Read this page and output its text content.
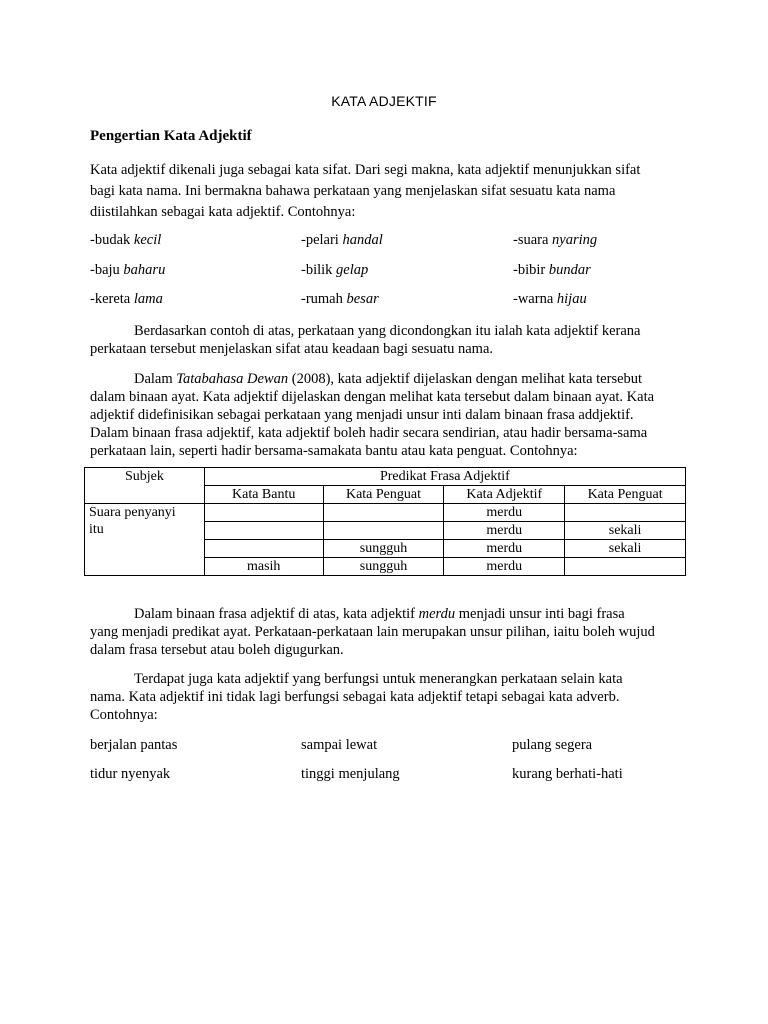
KATA ADJEKTIF
Pengertian Kata Adjektif
Kata adjektif dikenali juga sebagai kata sifat. Dari segi makna, kata adjektif menunjukkan sifat
bagi kata nama. Ini bermakna bahawa perkataan yang menjelaskan sifat sesuatu kata nama
diistilahkan sebagai kata adjektif. Contohnya:
-budak kecil	-pelari handal	-suara nyaring
-baju baharu	-bilik gelap	-bibir bundar
-kereta lama	-rumah besar	-warna hijau
Berdasarkan contoh di atas, perkataan yang dicondongkan itu ialah kata adjektif kerana
perkataan tersebut menjelaskan sifat atau keadaan bagi sesuatu nama.
Dalam Tatabahasa Dewan (2008), kata adjektif dijelaskan dengan melihat kata tersebut
dalam binaan ayat. Kata adjektif dijelaskan dengan melihat kata tersebut dalam binaan ayat. Kata
adjektif didefinisikan sebagai perkataan yang menjadi unsur inti dalam binaan frasa addjektif.
Dalam binaan frasa adjektif, kata adjektif boleh hadir secara sendirian, atau hadir bersama-sama
perkataan lain, seperti hadir bersama-samakata bantu atau kata penguat. Contohnya:
Subjek	Predikat Frasa Adjektif			
	Kata Bantu	Kata Penguat	Kata Adjektif	Kata Penguat

Suara penyanyi
itu			merdu	
			merdu	sekali
		sungguh	merdu	sekali
	masih	sungguh	merdu	
Dalam binaan frasa adjektif di atas, kata adjektif merdu menjadi unsur inti bagi frasa
yang menjadi predikat ayat. Perkataan-perkataan lain merupakan unsur pilihan, iaitu boleh wujud
dalam frasa tersebut atau boleh digugurkan.
Terdapat juga kata adjektif yang berfungsi untuk menerangkan perkataan selain kata
nama. Kata adjektif ini tidak lagi berfungsi sebagai kata adjektif tetapi sebagai kata adverb.
Contohnya:
berjalan pantas	sampai lewat	pulang segera
tidur nyenyak	tinggi menjulang	kurang berhati-hati
